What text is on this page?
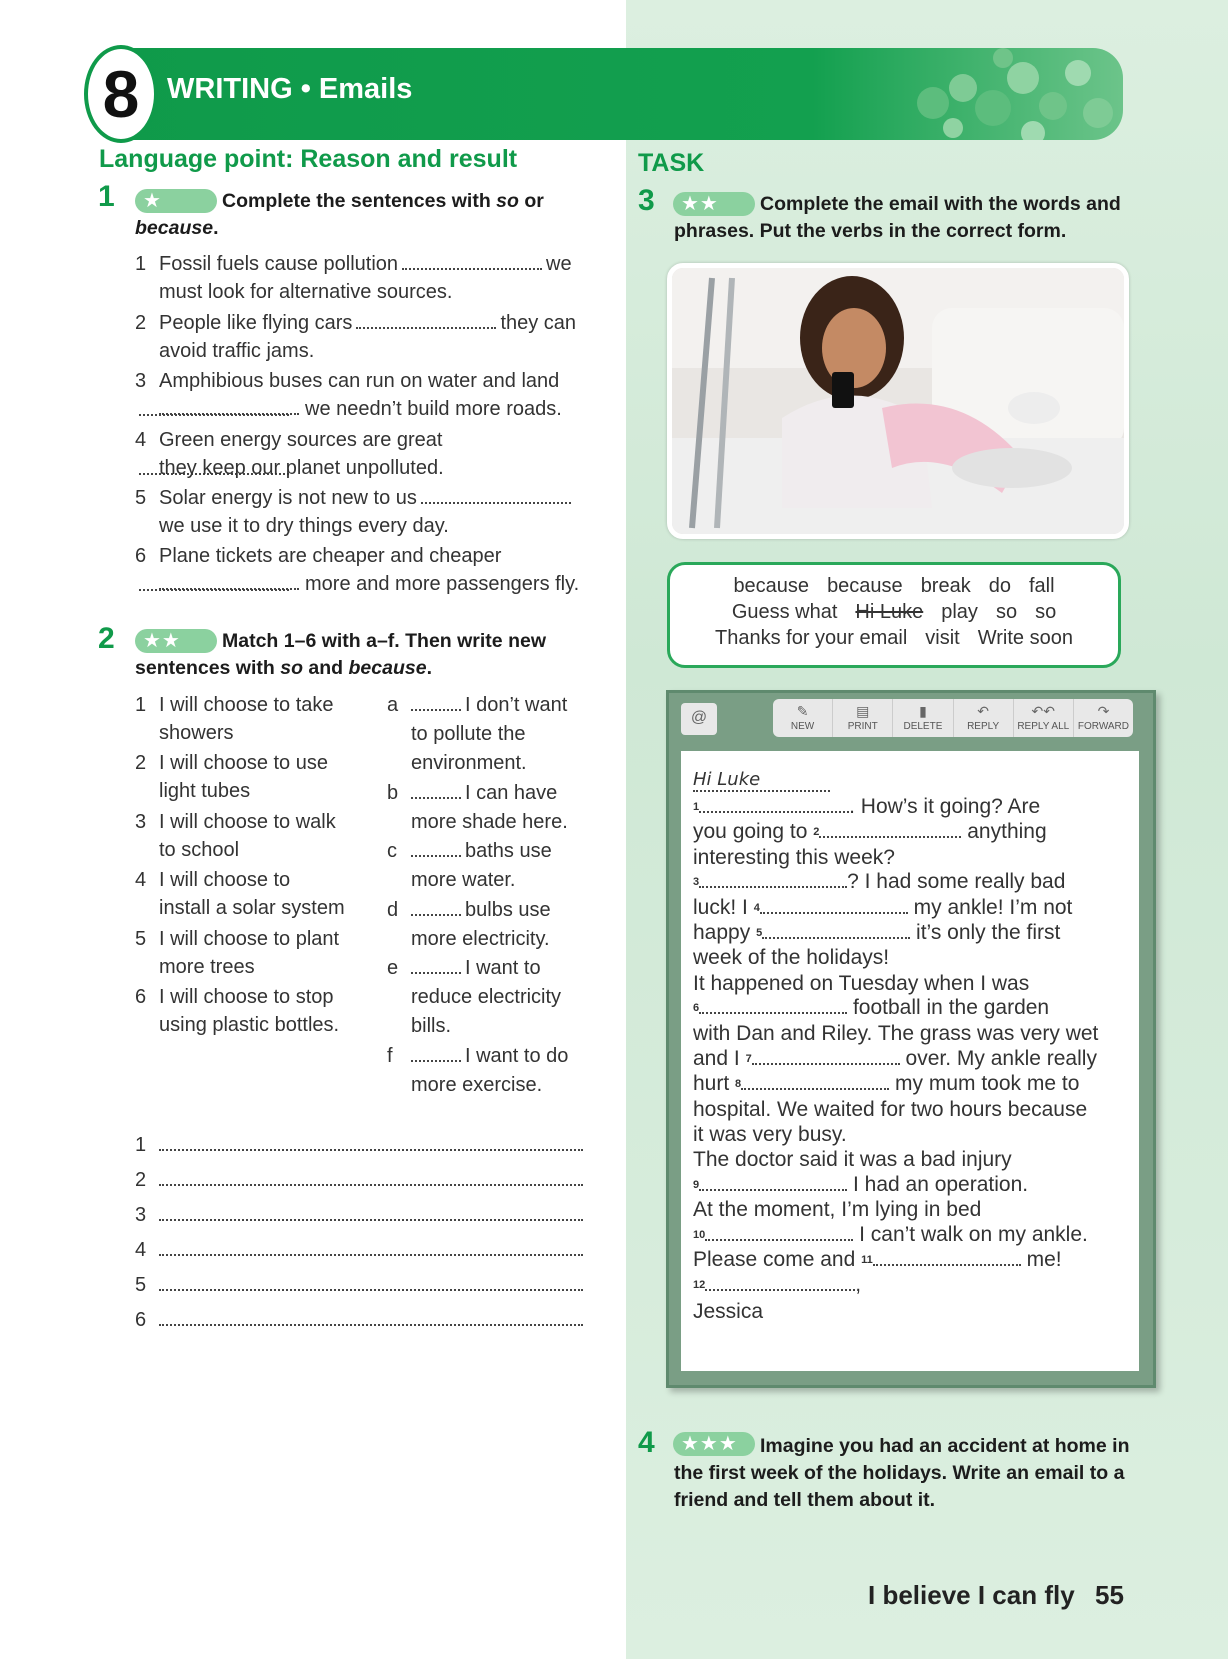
8 WRITING • Emails
Language point: Reason and result
1	★	Complete the sentences with so or
because.
1 Fossil fuels cause pollution	we
must look for alternative sources.
2 People like flying cars	they can
avoid traffic jams.
3 Amphibious buses can run on water and land
we needn’t build more roads.
4 Green energy sources are great
they keep our planet unpolluted.
5 Solar energy is not new to us
we use it to dry things every day.
6 Plane tickets are cheaper and cheaper
more and more passengers fly.
2	★★	Match 1–6 with a–f. Then write new
sentences with so and because.
1 I will choose to take
showers
2 I will choose to use
light tubes
3 I will choose to walk
to school
4 I will choose to
install a solar system
5 I will choose to plant
more trees
6 I will choose to stop
using plastic bottles.
a	I don’t want
to pollute the
environment.
b	I can have
more shade here.
c	baths use
more water.
d	bulbs use
more electricity.
e	I want to
reduce electricity
bills.
f	I want to do
more exercise.
1
2
3
4
5
6
TASK
3	★★	Complete the email with the words and
phrases. Put the verbs in the correct form.
because because break do fall
Guess what Hi Luke play so so
Thanks for your email visit Write soon
@	✎
NEW
▤
PRINT
▮
DELETE
↶
REPLY
↶↶
REPLY ALL
↷
FORWARD
Hi Luke
$^1$	. How’s it going? Are
you going to $^2$	anything
interesting this week?
$^3$	? I had some really bad
luck! I $^4$	my ankle! I’m not
happy $^5$	it’s only the first
week of the holidays!
It happened on Tuesday when I was
$^6$	football in the garden
with Dan and Riley. The grass was very wet
and I $^7$	over. My ankle really
hurt $^8$	my mum took me to
hospital. We waited for two hours because
it was very busy.
The doctor said it was a bad injury
$^9$	I had an operation.
At the moment, I’m lying in bed
$^{10}$	I can’t walk on my ankle.
Please come and $^{11}$	me!
$^{12}$	,
Jessica
4	★★★	Imagine you had an accident at home in
the first week of the holidays. Write an email to a
friend and tell them about it.
I believe I can fly 55
